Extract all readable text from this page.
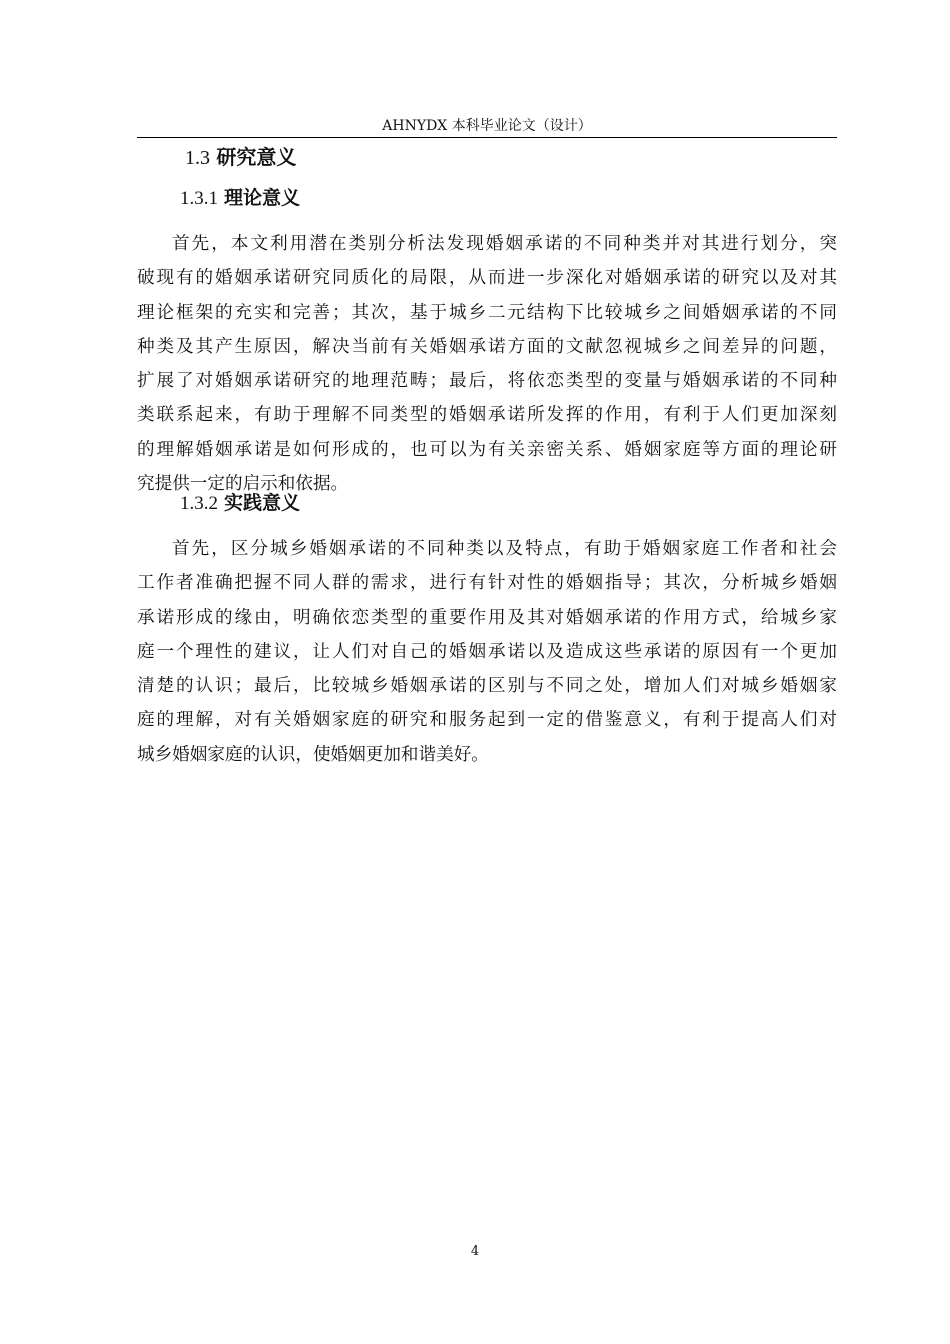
AHNYDX 本科毕业论文（设计）
1.3 研究意义
1.3.1 理论意义
首先，本文利用潜在类别分析法发现婚姻承诺的不同种类并对其进行划分，突
破现有的婚姻承诺研究同质化的局限，从而进一步深化对婚姻承诺的研究以及对其
理论框架的充实和完善；其次，基于城乡二元结构下比较城乡之间婚姻承诺的不同
种类及其产生原因，解决当前有关婚姻承诺方面的文献忽视城乡之间差异的问题，
扩展了对婚姻承诺研究的地理范畴；最后，将依恋类型的变量与婚姻承诺的不同种
类联系起来，有助于理解不同类型的婚姻承诺所发挥的作用，有利于人们更加深刻
的理解婚姻承诺是如何形成的，也可以为有关亲密关系、婚姻家庭等方面的理论研
究提供一定的启示和依据。
1.3.2 实践意义
首先，区分城乡婚姻承诺的不同种类以及特点，有助于婚姻家庭工作者和社会
工作者准确把握不同人群的需求，进行有针对性的婚姻指导；其次，分析城乡婚姻
承诺形成的缘由，明确依恋类型的重要作用及其对婚姻承诺的作用方式，给城乡家
庭一个理性的建议，让人们对自己的婚姻承诺以及造成这些承诺的原因有一个更加
清楚的认识；最后，比较城乡婚姻承诺的区别与不同之处，增加人们对城乡婚姻家
庭的理解，对有关婚姻家庭的研究和服务起到一定的借鉴意义，有利于提高人们对
城乡婚姻家庭的认识，使婚姻更加和谐美好。
4
